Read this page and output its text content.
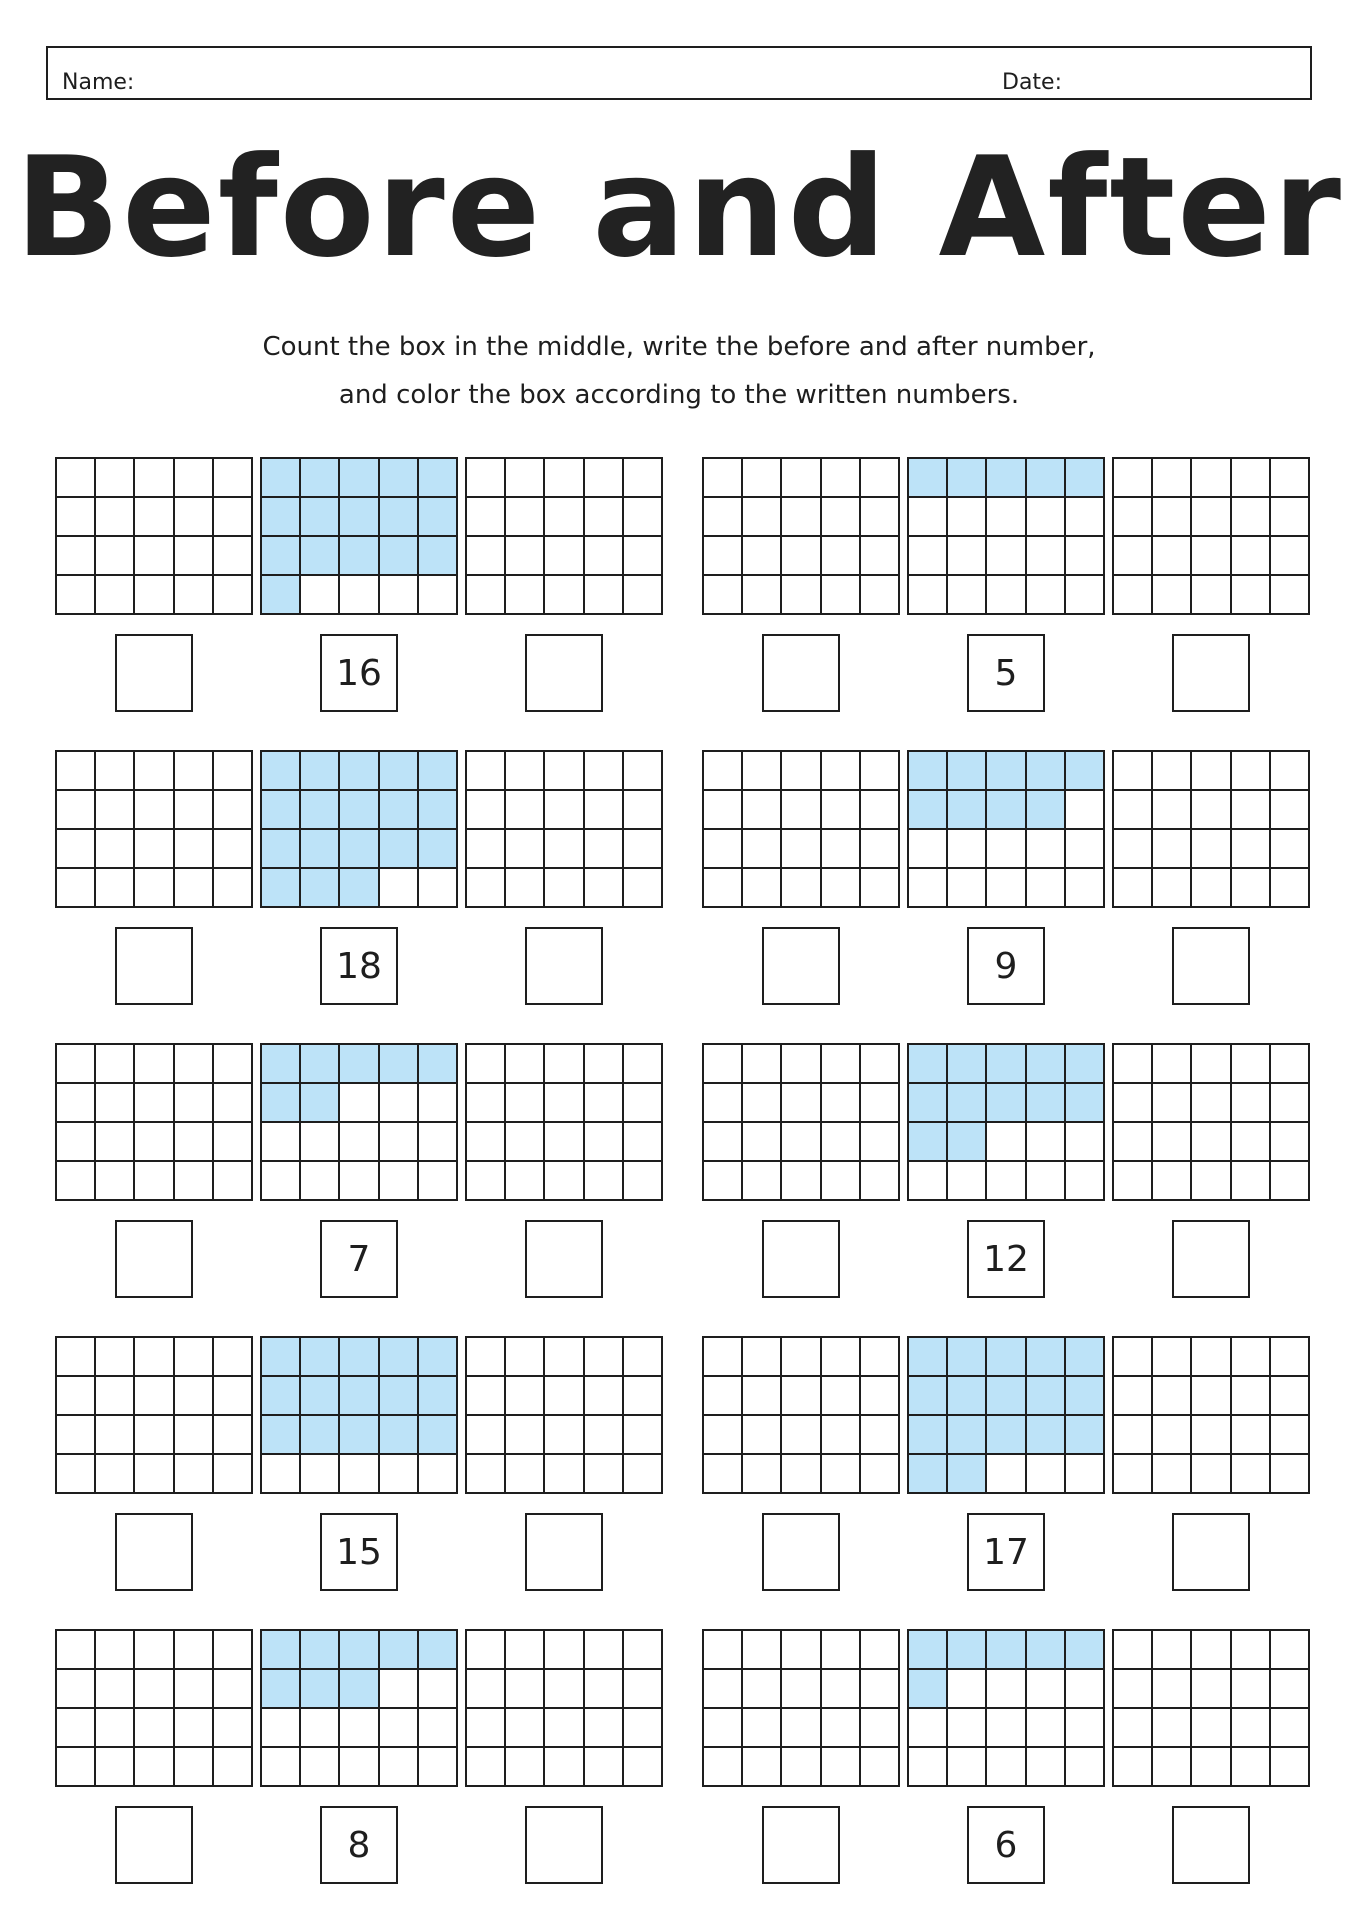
Name:	Date:
Before and After
Count the box in the middle, write the before and after number,
and color the box according to the written numbers.
16	5
18	9
7	12
15	17
8	6
